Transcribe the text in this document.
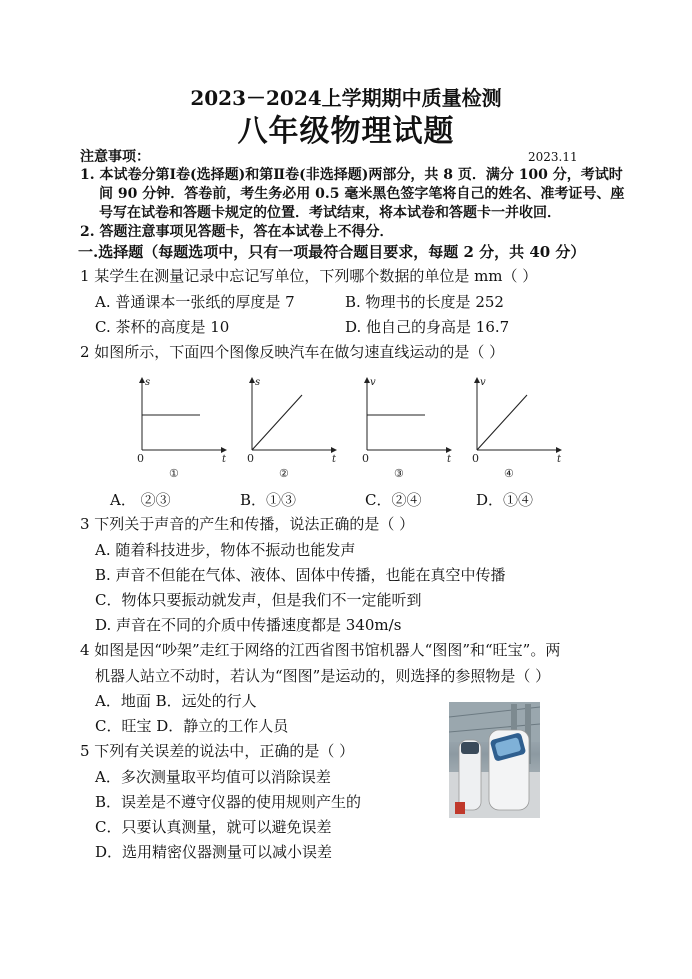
2023－2024上学期期中质量检测
八年级物理试题
注意事项：	2023.11
1. 本试卷分第Ⅰ卷(选择题)和第Ⅱ卷(非选择题)两部分，共 8 页．满分 100 分，考试时
间 90 分钟．答卷前，考生务必用 0.5 毫米黑色签字笔将自己的姓名、准考证号、座
号写在试卷和答题卡规定的位置．考试结束，将本试卷和答题卡一并收回．
2. 答题注意事项见答题卡，答在本试卷上不得分．
一.选择题（每题选项中，只有一项最符合题目要求，每题 2 分，共 40 分）
1 某学生在测量记录中忘记写单位，下列哪个数据的单位是 mm（ ）
A. 普通课本一张纸的厚度是 7	B. 物理书的长度是 252
C. 茶杯的高度是 10	D. 他自己的身高是 16.7
2 如图所示，下面四个图像反映汽车在做匀速直线运动的是（ ）
s
t
0
①
s
t
0
②
v
t
0
③
v
t
0
④
A． ②③	B．①③	C．②④	D．①④
3 下列关于声音的产生和传播，说法正确的是（ ）
A. 随着科技进步，物体不振动也能发声
B. 声音不但能在气体、液体、固体中传播，也能在真空中传播
C．物体只要振动就发声，但是我们不一定能听到
D. 声音在不同的介质中传播速度都是 340m/s
4 如图是因“吵架”走红于网络的江西省图书馆机器人“图图”和“旺宝”。两
机器人站立不动时，若认为“图图”是运动的，则选择的参照物是（ ）
A．地面 B．远处的行人
C．旺宝 D．静立的工作人员
5 下列有关误差的说法中，正确的是（ ）
A．多次测量取平均值可以消除误差
B．误差是不遵守仪器的使用规则产生的
C．只要认真测量，就可以避免误差
D．选用精密仪器测量可以减小误差
